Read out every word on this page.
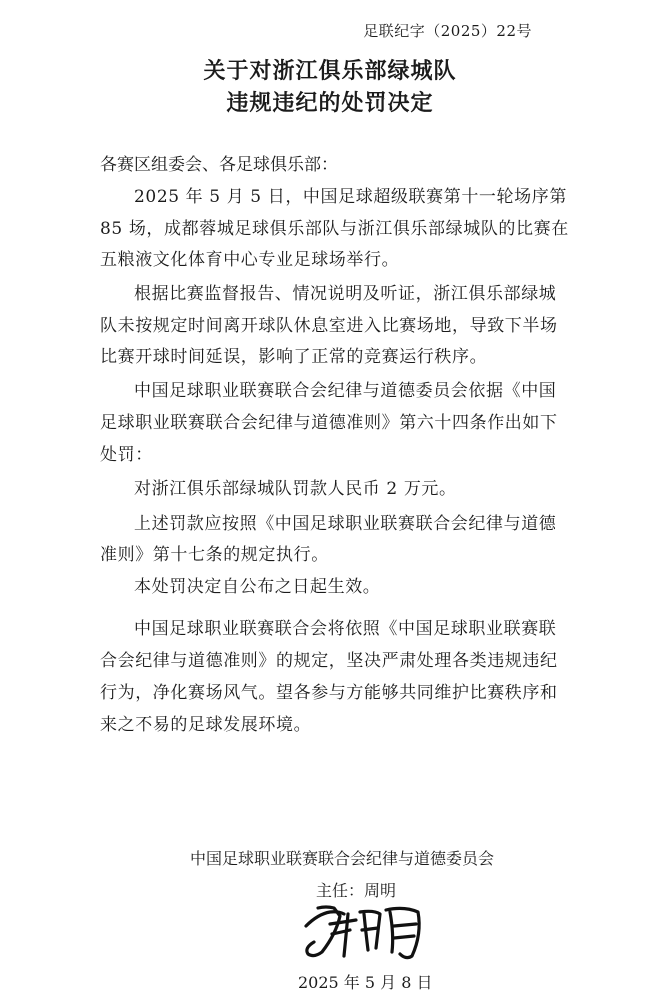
足联纪字（2025）22号
关于对浙江俱乐部绿城队
违规违纪的处罚决定
各赛区组委会、各足球俱乐部：
2025 年 5 月 5 日，中国足球超级联赛第十一轮场序第
85 场，成都蓉城足球俱乐部队与浙江俱乐部绿城队的比赛在
五粮液文化体育中心专业足球场举行。
根据比赛监督报告、情况说明及听证，浙江俱乐部绿城
队未按规定时间离开球队休息室进入比赛场地，导致下半场
比赛开球时间延误，影响了正常的竞赛运行秩序。
中国足球职业联赛联合会纪律与道德委员会依据《中国
足球职业联赛联合会纪律与道德准则》第六十四条作出如下
处罚：
对浙江俱乐部绿城队罚款人民币 2 万元。
上述罚款应按照《中国足球职业联赛联合会纪律与道德
准则》第十七条的规定执行。
本处罚决定自公布之日起生效。
中国足球职业联赛联合会将依照《中国足球职业联赛联
合会纪律与道德准则》的规定，坚决严肃处理各类违规违纪
行为，净化赛场风气。望各参与方能够共同维护比赛秩序和
来之不易的足球发展环境。
中国足球职业联赛联合会纪律与道德委员会
主任：周明
2025 年 5 月 8 日
